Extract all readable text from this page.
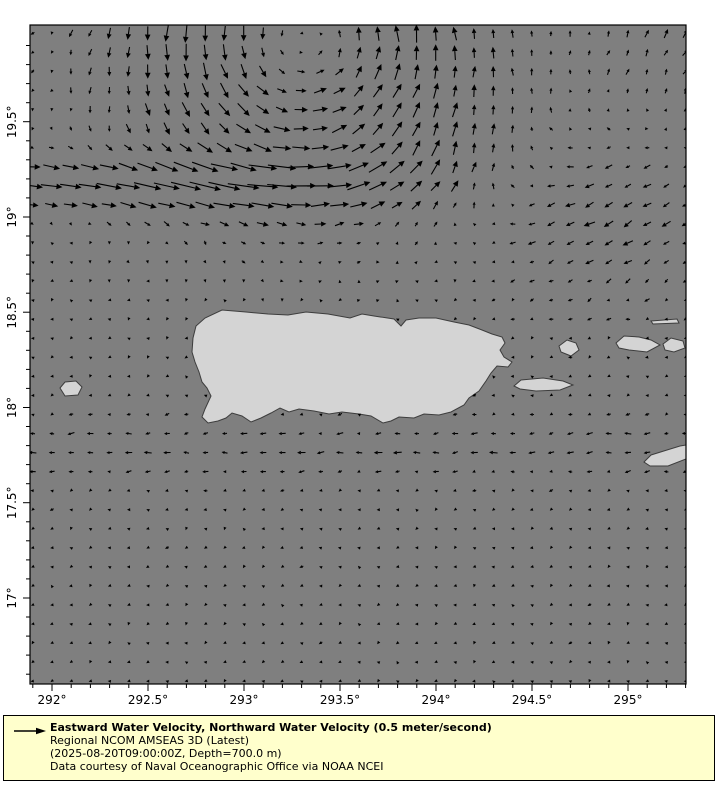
292°	292.5°	293°	293.5°	294°	294.5°	295°
17°
17.5°
18°
18.5°
19°
19.5°
Eastward Water Velocity, Northward Water Velocity (0.5 meter/second)
Regional NCOM AMSEAS 3D (Latest)
(2025-08-20T09:00:00Z, Depth=700.0 m)
Data courtesy of Naval Oceanographic Office via NOAA NCEI
